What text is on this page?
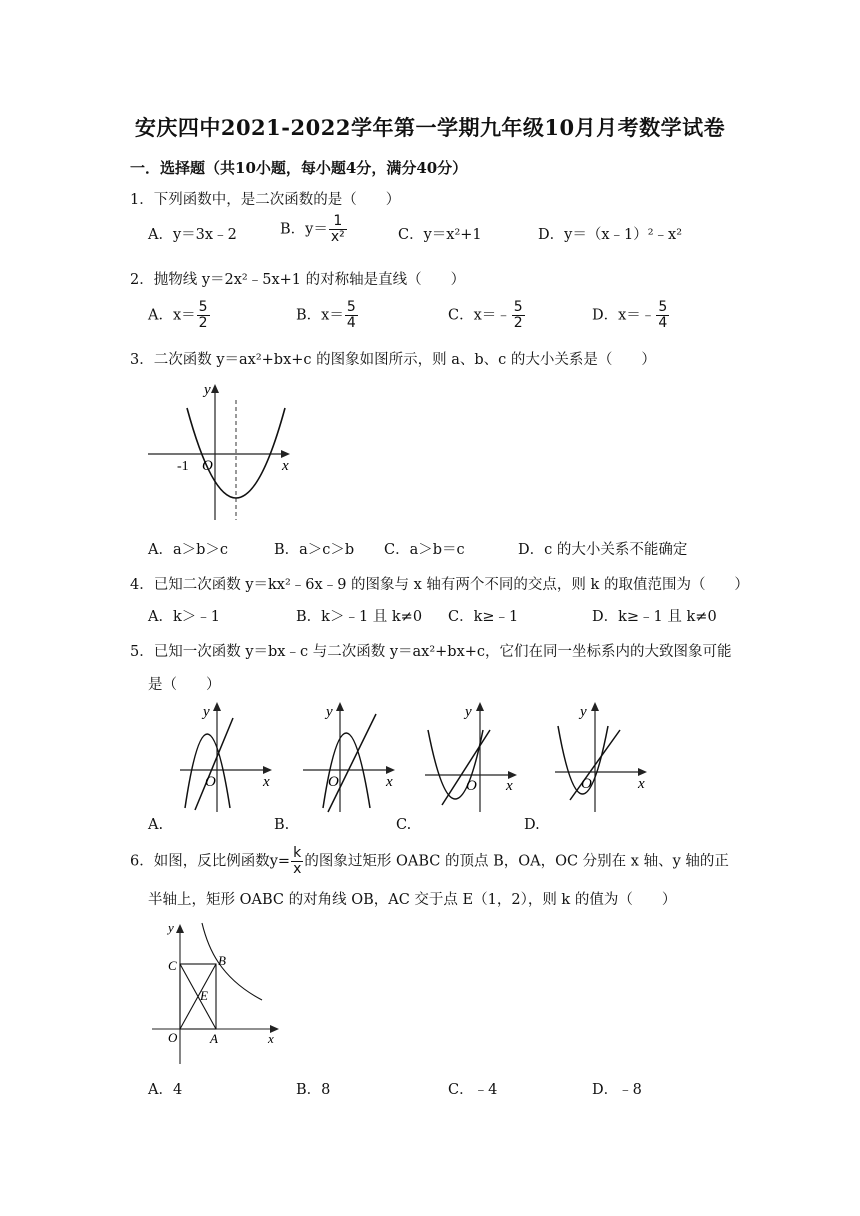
安庆四中2021-2022学年第一学期九年级10月月考数学试卷
一．选择题（共10小题，每小题4分，满分40分）
1．下列函数中，是二次函数的是（　　）
A．y＝3x﹣2	B．$y= \frac{1}{\text{x²}}$	C．y＝x²+1	D．y＝（x﹣1）²﹣x²
2．抛物线 y＝2x²﹣5x+1 的对称轴是直线（　　）
A．$x= \frac{5}{2}$	B．$x= \frac{5}{4}$	C．x＝﹣ $\frac{5}{2}$	D．x＝﹣ $\frac{5}{4}$
3．二次函数 y＝ax²+bx+c 的图象如图所示，则 a、b、c 的大小关系是（　　）
y
x
O
-1
A．a＞b＞c	B．a＞c＞b C．a＞b＝c	D．c 的大小关系不能确定
4．已知二次函数 y＝kx²﹣6x﹣9 的图象与 x 轴有两个不同的交点，则 k 的取值范围为（　　）
A．k＞﹣1	B．k＞﹣1 且 k≠0 C．k≥﹣1	D．k≥﹣1 且 k≠0
5．已知一次函数 y＝bx﹣c 与二次函数 y＝ax²+bx+c，它们在同一坐标系内的大致图象可能
是（　　）
y
x
O
y
x
O
y
x
O
y
x
O
A.	B.	C.	D.
6．如图，反比例函数$y= \frac{k}{x}$ 的图象过矩形 OABC 的顶点 B，OA，OC 分别在 x 轴、y 轴的正
半轴上，矩形 OABC 的对角线 OB，AC 交于点 E（1，2），则 k 的值为（　　）
y
x
O	A
B
C
E
A．4	B．8	C．﹣4	D．﹣8
